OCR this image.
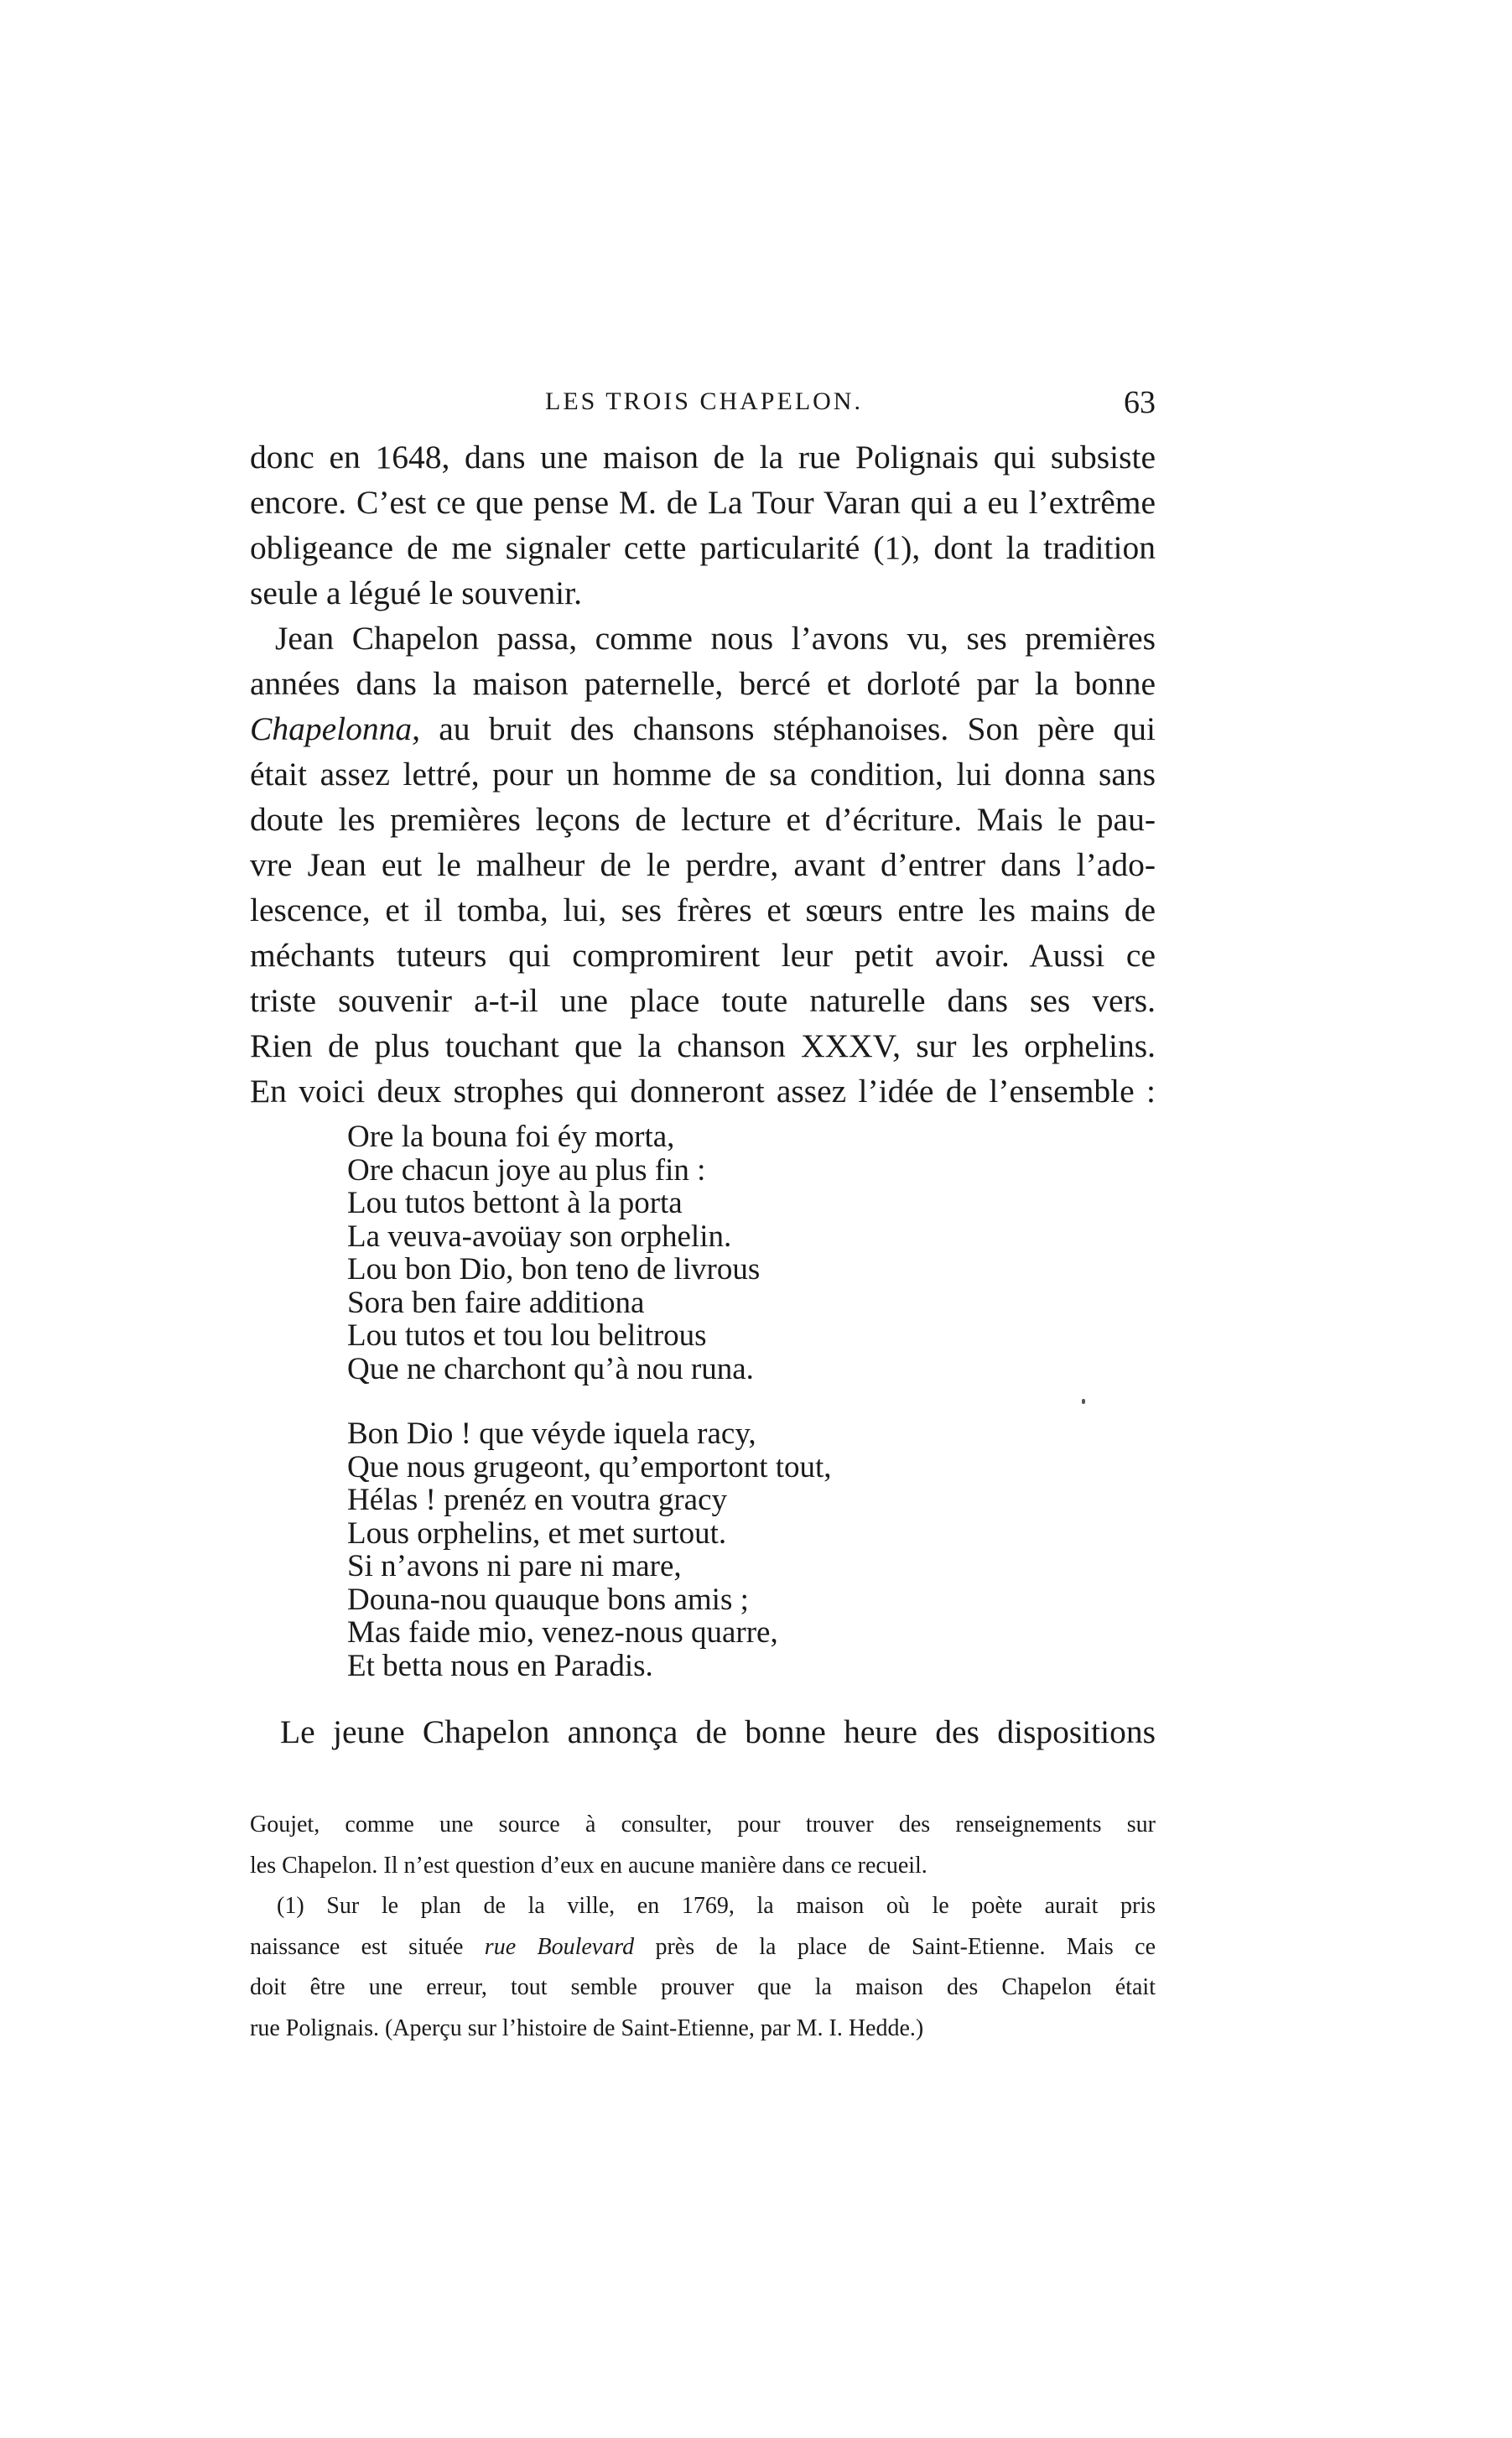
LES TROIS CHAPELON.	63
donc en 1648, dans une maison de la rue Polignais qui subsiste
encore. C’est ce que pense M. de La Tour Varan qui a eu l’extrême
obligeance de me signaler cette particularité (1), dont la tradition
seule a légué le souvenir.
Jean Chapelon passa, comme nous l’avons vu, ses premières
années dans la maison paternelle, bercé et dorloté par la bonne
Chapelonna, au bruit des chansons stéphanoises. Son père qui
était assez lettré, pour un homme de sa condition, lui donna sans
doute les premières leçons de lecture et d’écriture. Mais le pau-
vre Jean eut le malheur de le perdre, avant d’entrer dans l’ado-
lescence, et il tomba, lui, ses frères et sœurs entre les mains de
méchants tuteurs qui compromirent leur petit avoir. Aussi ce
triste souvenir a-t-il une place toute naturelle dans ses vers.
Rien de plus touchant que la chanson XXXV, sur les orphelins.
En voici deux strophes qui donneront assez l’idée de l’ensemble :
Ore la bouna foi éy morta,
Ore chacun joye au plus fin :
Lou tutos bettont à la porta
La veuva-avoüay son orphelin.
Lou bon Dio, bon teno de livrous
Sora ben faire additiona
Lou tutos et tou lou belitrous
Que ne charchont qu’à nou runa.
Bon Dio ! que véyde iquela racy,
Que nous grugeont, qu’emportont tout,
Hélas ! prenéz en voutra gracy
Lous orphelins, et met surtout.
Si n’avons ni pare ni mare,
Douna-nou quauque bons amis ;
Mas faide mio, venez-nous quarre,
Et betta nous en Paradis.
Le jeune Chapelon annonça de bonne heure des dispositions
Goujet, comme une source à consulter, pour trouver des renseignements sur
les Chapelon. Il n’est question d’eux en aucune manière dans ce recueil.
(1) Sur le plan de la ville, en 1769, la maison où le poète aurait pris
naissance est située rue Boulevard près de la place de Saint-Etienne. Mais ce
doit être une erreur, tout semble prouver que la maison des Chapelon était
rue Polignais. (Aperçu sur l’histoire de Saint-Etienne, par M. I. Hedde.)
